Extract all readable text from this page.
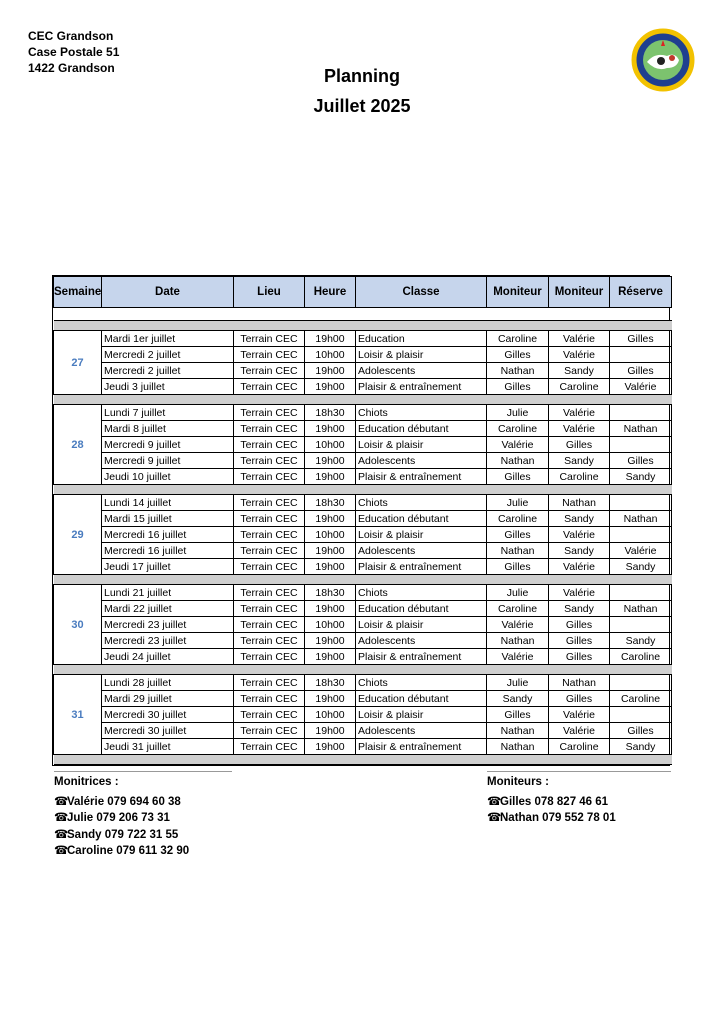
CEC Grandson
Case Postale 51
1422 Grandson	Planning
Juillet 2025
Semaine	Date	Lieu	Heure	Classe	Moniteur	Moniteur	Réserve

27	Mardi 1er juillet	Terrain CEC	19h00	Education	Caroline	Valérie	Gilles
	Mercredi 2 juillet	Terrain CEC	10h00	Loisir & plaisir	Gilles	Valérie	
	Mercredi 2 juillet	Terrain CEC	19h00	Adolescents	Nathan	Sandy	Gilles
	Jeudi 3 juillet	Terrain CEC	19h00	Plaisir & entraînement	Gilles	Caroline	Valérie

28	Lundi 7 juillet	Terrain CEC	18h30	Chiots	Julie	Valérie	
	Mardi 8 juillet	Terrain CEC	19h00	Education débutant	Caroline	Valérie	Nathan
	Mercredi 9 juillet	Terrain CEC	10h00	Loisir & plaisir	Valérie	Gilles	
	Mercredi 9 juillet	Terrain CEC	19h00	Adolescents	Nathan	Sandy	Gilles
	Jeudi 10 juillet	Terrain CEC	19h00	Plaisir & entraînement	Gilles	Caroline	Sandy

29	Lundi 14 juillet	Terrain CEC	18h30	Chiots	Julie	Nathan	
	Mardi 15 juillet	Terrain CEC	19h00	Education débutant	Caroline	Sandy	Nathan
	Mercredi 16 juillet	Terrain CEC	10h00	Loisir & plaisir	Gilles	Valérie	
	Mercredi 16 juillet	Terrain CEC	19h00	Adolescents	Nathan	Sandy	Valérie
	Jeudi 17 juillet	Terrain CEC	19h00	Plaisir & entraînement	Gilles	Valérie	Sandy

30	Lundi 21 juillet	Terrain CEC	18h30	Chiots	Julie	Valérie	
	Mardi 22 juillet	Terrain CEC	19h00	Education débutant	Caroline	Sandy	Nathan
	Mercredi 23 juillet	Terrain CEC	10h00	Loisir & plaisir	Valérie	Gilles	
	Mercredi 23 juillet	Terrain CEC	19h00	Adolescents	Nathan	Gilles	Sandy
	Jeudi 24 juillet	Terrain CEC	19h00	Plaisir & entraînement	Valérie	Gilles	Caroline

31	Lundi 28 juillet	Terrain CEC	18h30	Chiots	Julie	Nathan	
	Mardi 29 juillet	Terrain CEC	19h00	Education débutant	Sandy	Gilles	Caroline
	Mercredi 30 juillet	Terrain CEC	10h00	Loisir & plaisir	Gilles	Valérie	
	Mercredi 30 juillet	Terrain CEC	19h00	Adolescents	Nathan	Valérie	Gilles
	Jeudi 31 juillet	Terrain CEC	19h00	Plaisir & entraînement	Nathan	Caroline	Sandy

Monitrices :
☎Valérie 079 694 60 38
☎Julie 079 206 73 31
☎Sandy 079 722 31 55
☎Caroline 079 611 32 90
Moniteurs :
☎Gilles 078 827 46 61
☎Nathan 079 552 78 01
